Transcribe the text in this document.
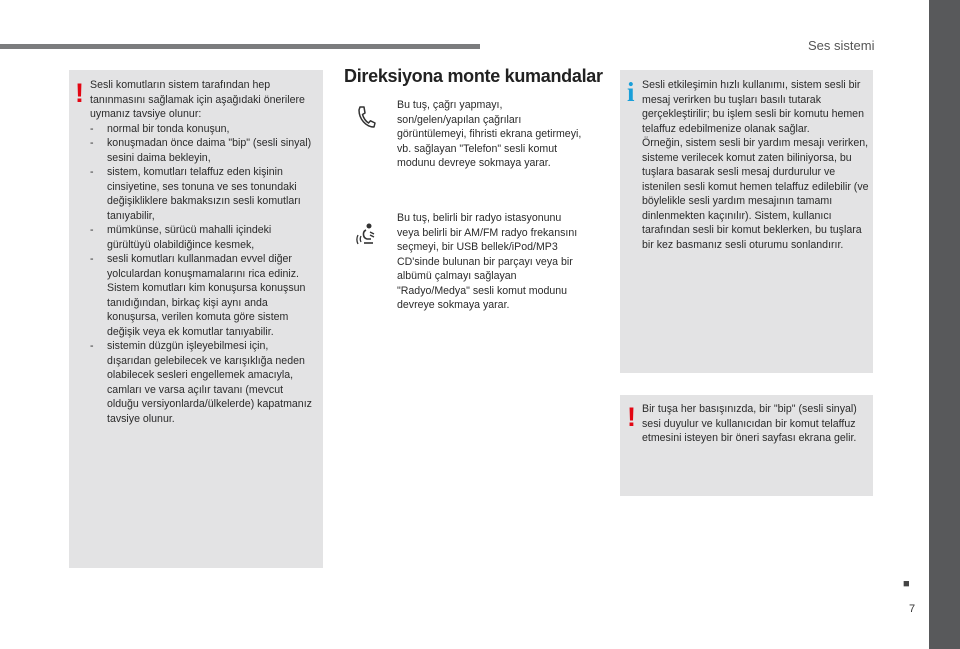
Ses sistemi
■
7
! Sesli komutların sistem tarafından hep tanınmasını sağlamak için aşağıdaki önerilere uymanız tavsiye olunur:

- normal bir tonda konuşun,
- konuşmadan önce daima "bip" (sesli sinyal) sesini daima bekleyin,
- sistem, komutları telaffuz eden kişinin cinsiyetine, ses tonuna ve ses tonundaki değişikliklere bakmaksızın sesli komutları tanıyabilir,
- mümkünse, sürücü mahalli içindeki gürültüyü olabildiğince kesmek,
- sesli komutları kullanmadan evvel diğer yolculardan konuşmamalarını rica ediniz. Sistem komutları kim konuşursa konuşsun tanıdığından, birkaç kişi aynı anda konuşursa, verilen komuta göre sistem değişik veya ek komutlar tanıyabilir.
- sistemin düzgün işleyebilmesi için, dışarıdan gelebilecek ve karışıklığa neden olabilecek sesleri engellemek amacıyla, camları ve varsa açılır tavanı (mevcut olduğu versiyonlarda/ülkelerde) kapatmanız tavsiye olunur.
Direksiyona monte kumandalar
Bu tuş, çağrı yapmayı, son/gelen/yapılan çağrıları görüntülemeyi, fihristi ekrana getirmeyi, vb. sağlayan "Telefon" sesli komut modunu devreye sokmaya yarar.
Bu tuş, belirli bir radyo istasyonunu veya belirli bir AM/FM radyo frekansını seçmeyi, bir USB bellek/iPod/MP3 CD'sinde bulunan bir parçayı veya bir albümü çalmayı sağlayan "Radyo/Medya" sesli komut modunu devreye sokmaya yarar.
i Sesli etkileşimin hızlı kullanımı, sistem sesli bir mesaj verirken bu tuşları basılı tutarak gerçekleştirilir; bu işlem sesli bir komutu hemen telaffuz edebilmenize olanak sağlar.
Örneğin, sistem sesli bir yardım mesajı verirken, sisteme verilecek komut zaten biliniyorsa, bu tuşlara basarak sesli mesaj durdurulur ve istenilen sesli komut hemen telaffuz edilebilir (ve böylelikle sesli yardım mesajının tamamı dinlenmekten kaçınılır). Sistem, kullanıcı tarafından sesli bir komut beklerken, bu tuşlara bir kez basmanız sesli oturumu sonlandırır.
! Bir tuşa her basışınızda, bir "bip" (sesli sinyal) sesi duyulur ve kullanıcıdan bir komut telaffuz etmesini isteyen bir öneri sayfası ekrana gelir.
